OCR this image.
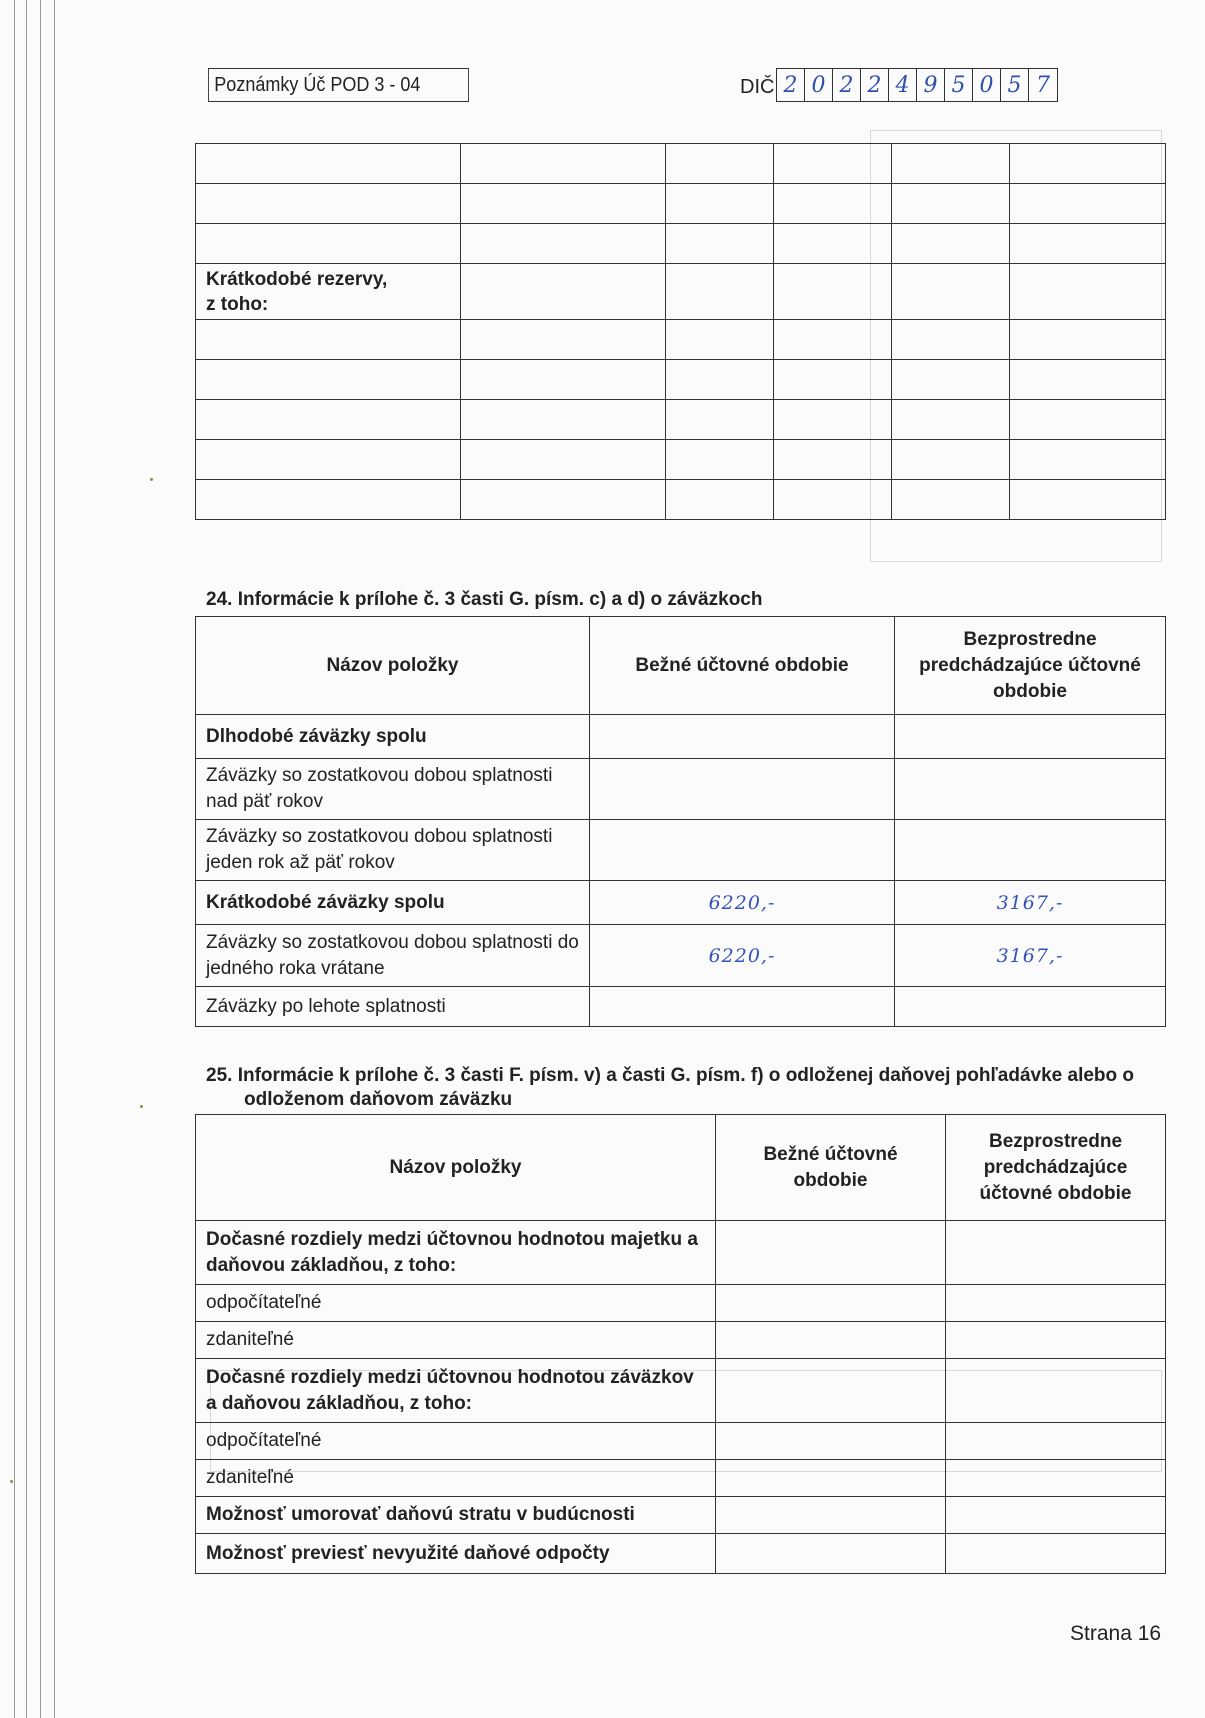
Poznámky Úč POD 3 - 04	DIČ 2 0 2 2 4 9 5 0 5 7

Krátkodobé rezervy,
z toho:					

24. Informácie k prílohe č. 3 časti G. písm. c) a d) o záväzkoch
Názov položky	Bežné účtovné obdobie	Bezprostredne predchádzajúce účtovné obdobie
Dlhodobé záväzky spolu		
Záväzky so zostatkovou dobou splatnosti nad päť rokov		
Záväzky so zostatkovou dobou splatnosti jeden rok až päť rokov		
Krátkodobé záväzky spolu	6220,-	3167,-
Záväzky so zostatkovou dobou splatnosti do jedného roka vrátane	6220,-	3167,-
Záväzky po lehote splatnosti		
25. Informácie k prílohe č. 3 časti F. písm. v) a časti G. písm. f) o odloženej daňovej pohľadávke alebo o
odloženom daňovom záväzku
Názov položky	Bežné účtovné obdobie	Bezprostredne predchádzajúce účtovné obdobie
Dočasné rozdiely medzi účtovnou hodnotou majetku a daňovou základňou, z toho:		
odpočítateľné		
zdaniteľné		
Dočasné rozdiely medzi účtovnou hodnotou záväzkov a daňovou základňou, z toho:		
odpočítateľné		
zdaniteľné		
Možnosť umorovať daňovú stratu v budúcnosti		
Možnosť previesť nevyužité daňové odpočty		
Strana 16
